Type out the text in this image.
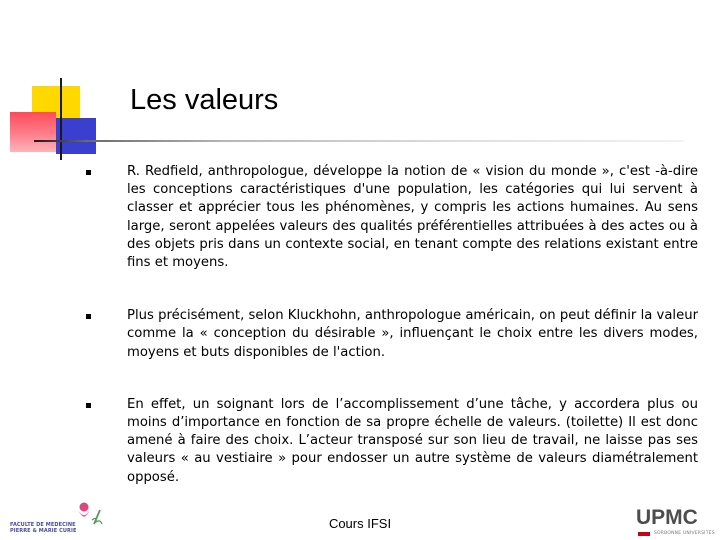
Les valeurs
R. Redfield, anthropologue, développe la notion de « vision du monde », c'est -à-dire les conceptions caractéristiques d'une population, les catégories qui lui servent à classer et apprécier tous les phénomènes, y compris les actions humaines. Au sens large, seront appelées valeurs des qualités préférentielles attribuées à des actes ou à des objets pris dans un contexte social, en tenant compte des relations existant entre fins et moyens.
Plus précisément, selon Kluckhohn, anthropologue américain, on peut définir la valeur comme la « conception du désirable », influençant le choix entre les divers modes, moyens et buts disponibles de l'action.
En effet, un soignant lors de l’accomplissement d’une tâche, y accordera plus ou moins d’importance en fonction de sa propre échelle de valeurs. (toilette) Il est donc amené à faire des choix. L’acteur transposé sur son lieu de travail, ne laisse pas ses valeurs « au vestiaire » pour endosser un autre système de valeurs diamétralement opposé.
FACULTÉ DE MÉDECINE
PIERRE & MARIE CURIE	Cours IFSI	UPMC
SORBONNE UNIVERSITÉS
